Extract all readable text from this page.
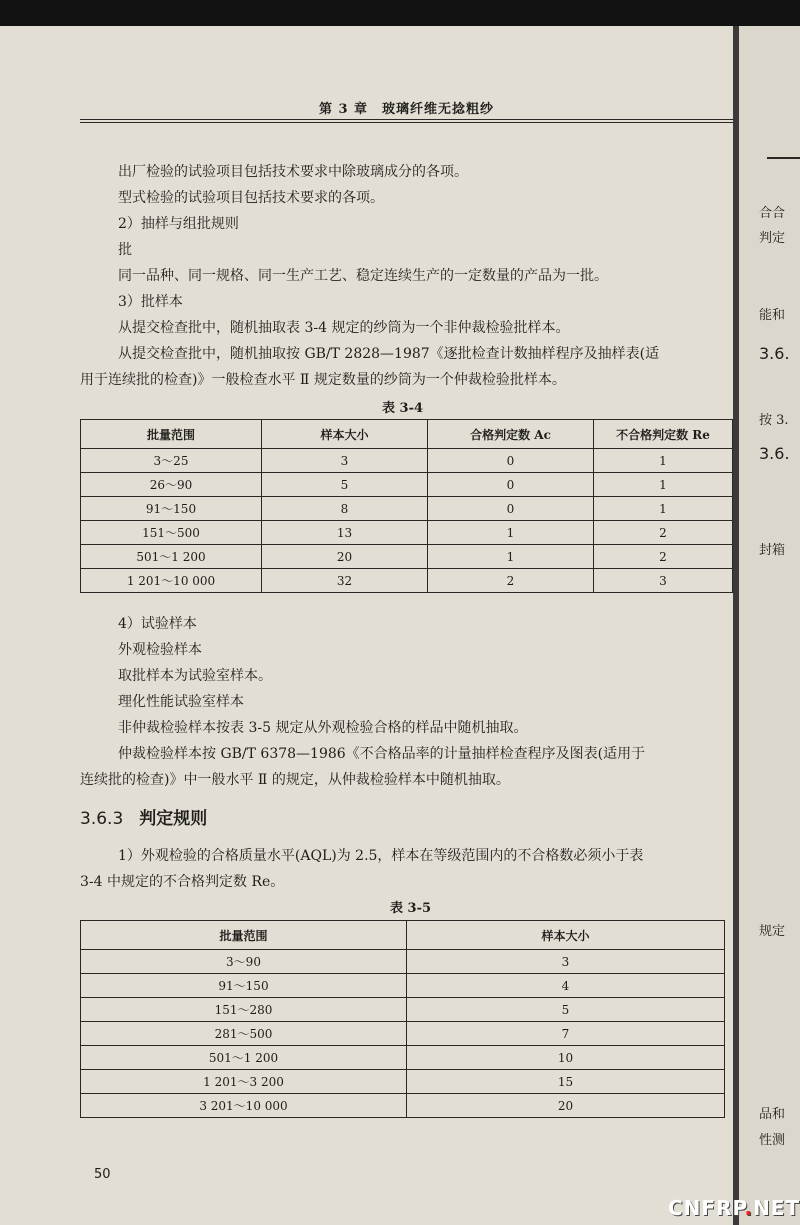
第 3 章　玻璃纤维无捻粗纱
出厂检验的试验项目包括技术要求中除玻璃成分的各项。
型式检验的试验项目包括技术要求的各项。
2）抽样与组批规则
批
同一品种、同一规格、同一生产工艺、稳定连续生产的一定数量的产品为一批。
3）批样本
从提交检查批中，随机抽取表 3-4 规定的纱筒为一个非仲裁检验批样本。
从提交检查批中，随机抽取按 GB/T 2828—1987《逐批检查计数抽样程序及抽样表(适
用于连续批的检查)》一般检查水平 Ⅱ 规定数量的纱筒为一个仲裁检验批样本。
表 3-4
批量范围	样本大小	合格判定数 Ac	不合格判定数 Re
3～25	3	0	1
26～90	5	0	1
91～150	8	0	1
151～500	13	1	2
501～1 200	20	1	2
1 201～10 000	32	2	3
4）试验样本
外观检验样本
取批样本为试验室样本。
理化性能试验室样本
非仲裁检验样本按表 3-5 规定从外观检验合格的样品中随机抽取。
仲裁检验样本按 GB/T 6378—1986《不合格品率的计量抽样检查程序及图表(适用于
连续批的检查)》中一般水平 Ⅱ 的规定，从仲裁检验样本中随机抽取。
3.6.3 判定规则
1）外观检验的合格质量水平(AQL)为 2.5，样本在等级范围内的不合格数必须小于表
3-4 中规定的不合格判定数 Re。
表 3-5
批量范围	样本大小
3～90	3
91～150	4
151～280	5
281～500	7
501～1 200	10
1 201～3 200	15
3 201～10 000	20
50
合合
判定
能和
3.6.
按 3.
3.6.
封箱
规定
品和
性测
CNFRP.NET
